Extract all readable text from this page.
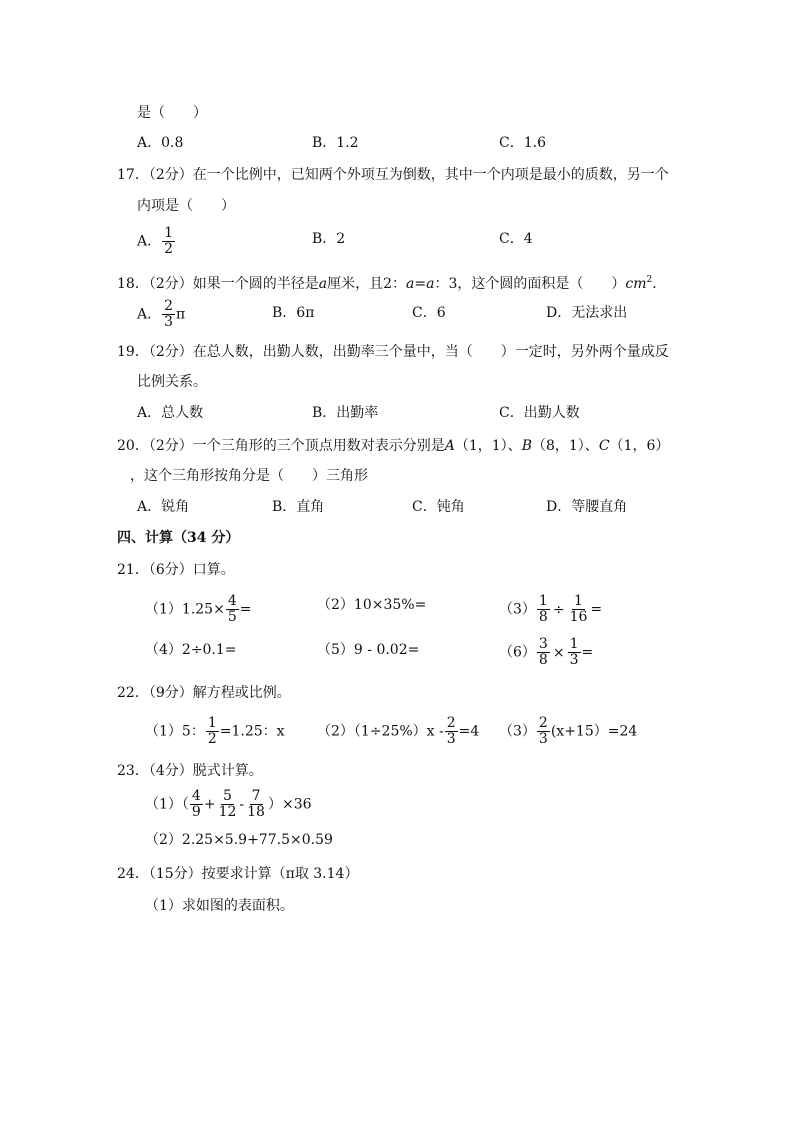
是（　　）
A．0.8	B．1.2	C．1.6
17．（2分）在一个比例中，已知两个外项互为倒数，其中一个内项是最小的质数，另一个
内项是（　　）
A． $\frac{1}{2}$	B．2	C．4
18．（2分）如果一个圆的半径是a厘米，且2：a=a：3，这个圆的面积是（　　）$cm^2$.
A． $\frac{2}{3}$ π	B．6π	C．6	D．无法求出
19．（2分）在总人数，出勤人数，出勤率三个量中，当（　　）一定时，另外两个量成反
比例关系。
A．总人数	B．出勤率	C．出勤人数
20．（2分）一个三角形的三个顶点用数对表示分别是A（1，1）、B（8，1）、C（1，6）
，这个三角形按角分是（　　）三角形
A．锐角	B．直角	C．钝角	D．等腰直角
四、计算（34 分）
21．（6分）口算。
$(1)1.25\times \frac{4}{5}$ =	（2）10×35%=	$(3) \frac{1}{8} \div \frac{1}{16}$ =
（4）2÷0.1=	（5）9 - 0.02=	$(6) \frac{3}{8} \times \frac{1}{3}$ =
22．（9分）解方程或比例。
（1）5： $\frac{1}{2} =1.25$：x $(2)(1\div 25\%)x - \frac{2}{3} =4$ $(3) \frac{2}{3} (x+15)=24$
23．（4分）脱式计算。
$(1)( \frac{4}{9} + \frac{5}{12} - \frac{7}{18} )\times 36$
（2）2.25×5.9+77.5×0.59
24．（15分）按要求计算（π取 3.14）
（1）求如图的表面积。
